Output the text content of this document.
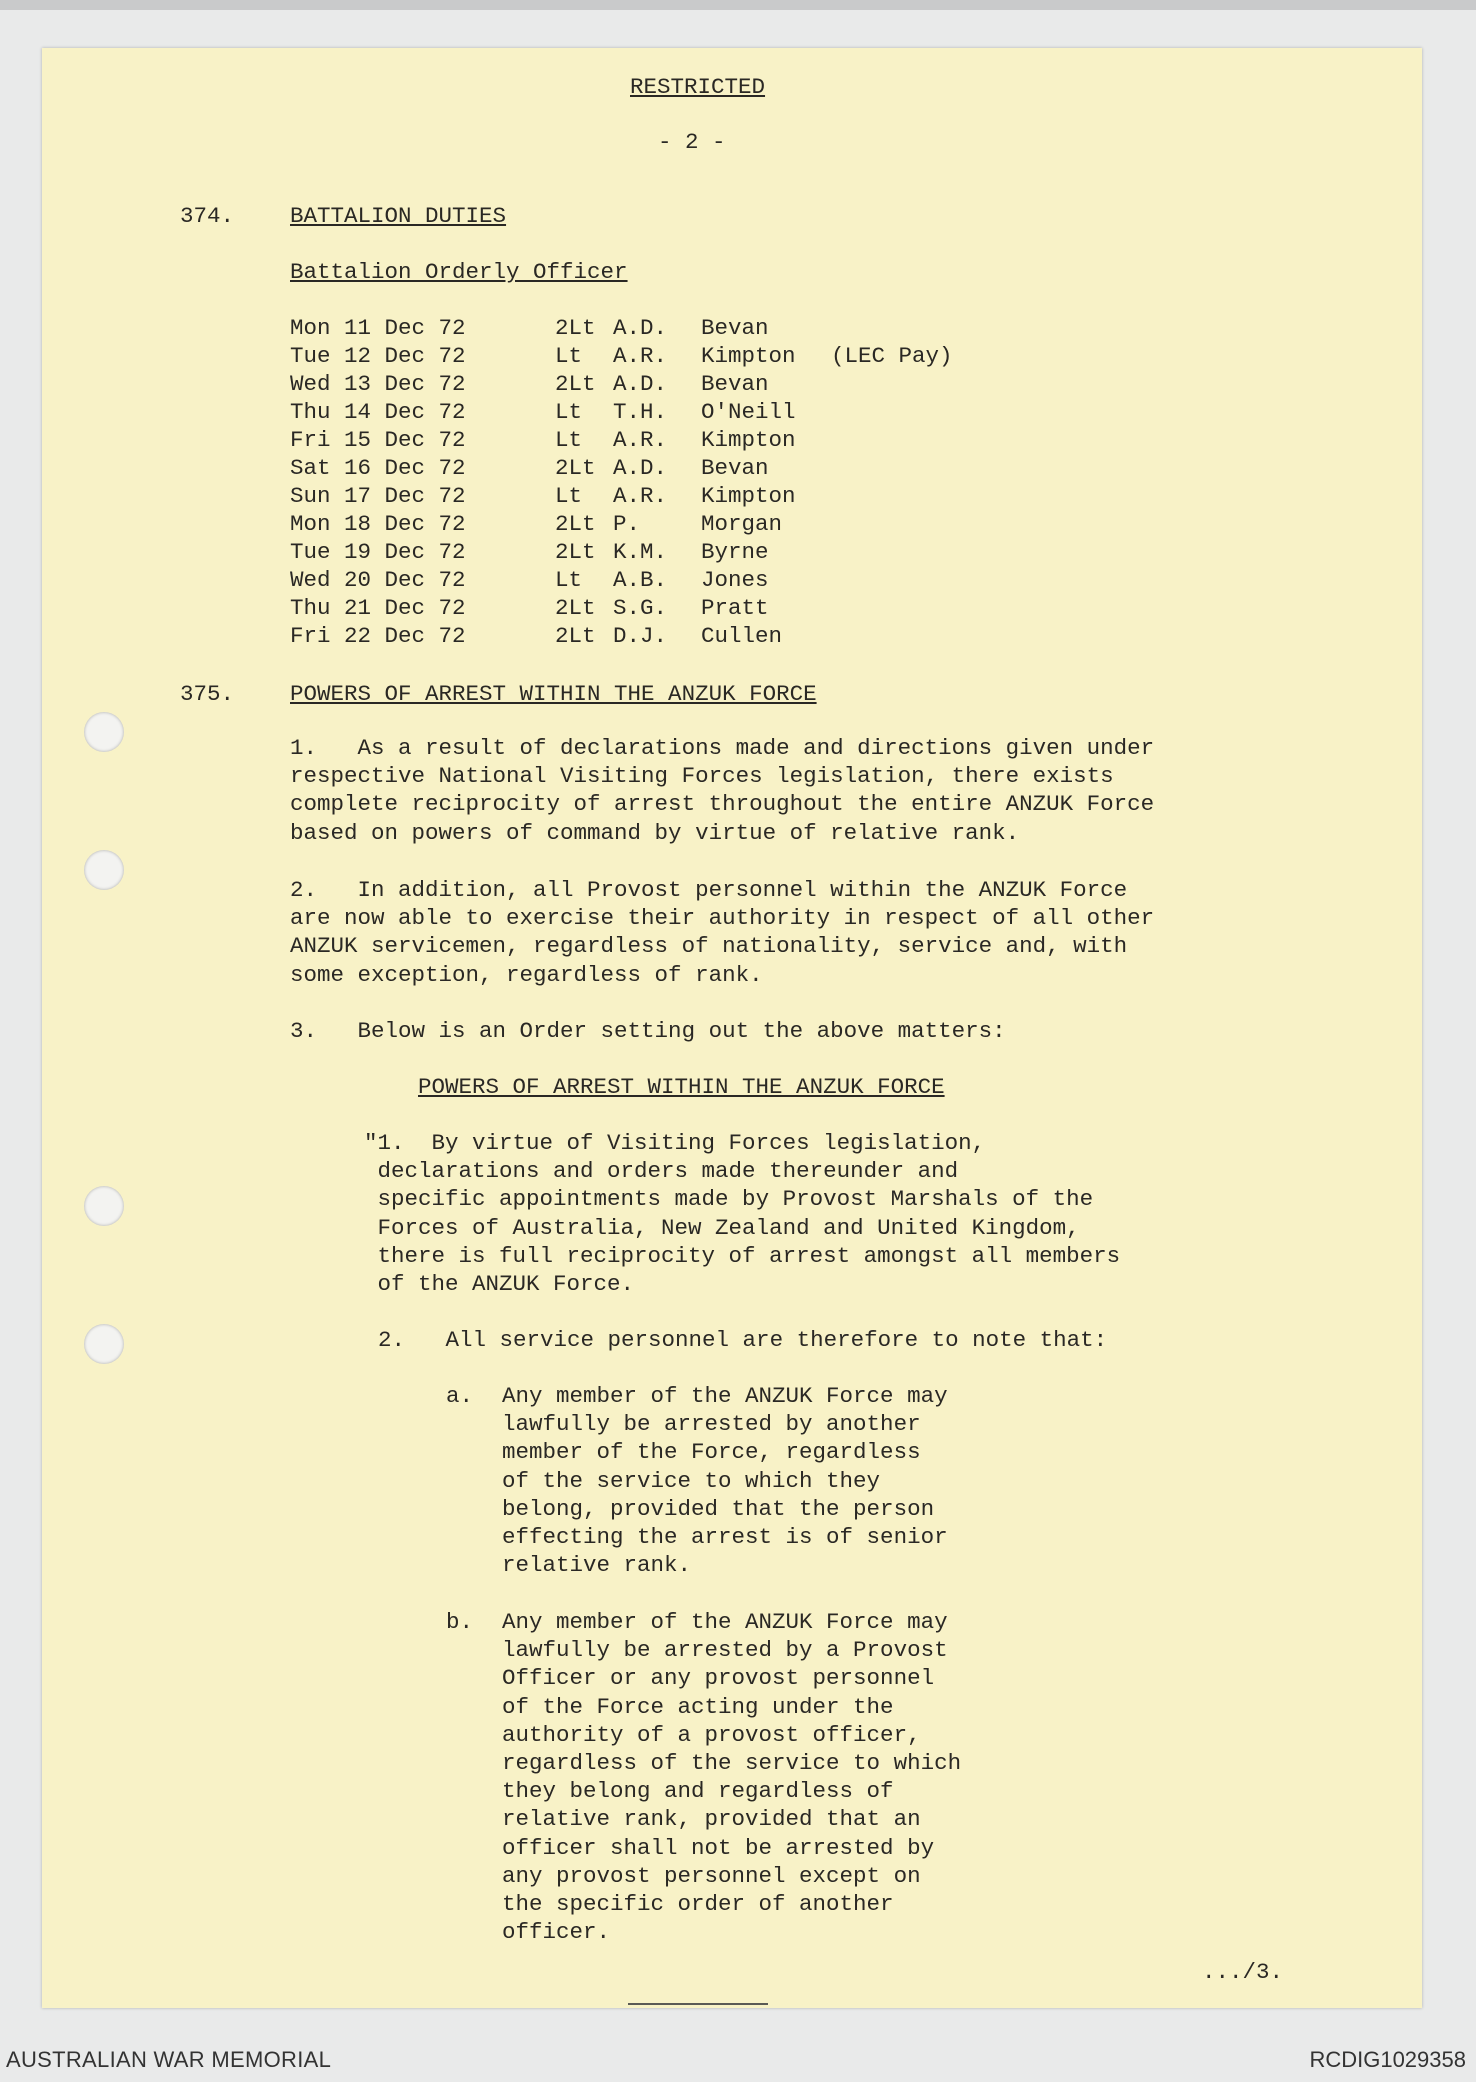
RESTRICTED
- 2 -
374. BATTALION DUTIES
Battalion Orderly Officer
Mon 11 Dec 72	2Lt A.D. Bevan
Tue 12 Dec 72	Lt A.R. Kimpton (LEC Pay)
Wed 13 Dec 72	2Lt A.D. Bevan
Thu 14 Dec 72	Lt T.H. O'Neill
Fri 15 Dec 72	Lt A.R. Kimpton
Sat 16 Dec 72	2Lt A.D. Bevan
Sun 17 Dec 72	Lt A.R. Kimpton
Mon 18 Dec 72	2Lt P.	Morgan
Tue 19 Dec 72	2Lt K.M. Byrne
Wed 20 Dec 72	Lt A.B. Jones
Thu 21 Dec 72	2Lt S.G. Pratt
Fri 22 Dec 72	2Lt D.J. Cullen
375. POWERS OF ARREST WITHIN THE ANZUK FORCE
1.   As a result of declarations made and directions given under
respective National Visiting Forces legislation, there exists
complete reciprocity of arrest throughout the entire ANZUK Force
based on powers of command by virtue of relative rank.
2.   In addition, all Provost personnel within the ANZUK Force
are now able to exercise their authority in respect of all other
ANZUK servicemen, regardless of nationality, service and, with
some exception, regardless of rank.
3.   Below is an Order setting out the above matters:
POWERS OF ARREST WITHIN THE ANZUK FORCE
"1.  By virtue of Visiting Forces legislation,
declarations and orders made thereunder and
specific appointments made by Provost Marshals of the
Forces of Australia, New Zealand and United Kingdom,
there is full reciprocity of arrest amongst all members
of the ANZUK Force.
2.   All service personnel are therefore to note that:
a. Any member of the ANZUK Force may
lawfully be arrested by another
member of the Force, regardless
of the service to which they
belong, provided that the person
effecting the arrest is of senior
relative rank.
b. Any member of the ANZUK Force may
lawfully be arrested by a Provost
Officer or any provost personnel
of the Force acting under the
authority of a provost officer,
regardless of the service to which
they belong and regardless of
relative rank, provided that an
officer shall not be arrested by
any provost personnel except on
the specific order of another
officer.
.../3.
AUSTRALIAN WAR MEMORIAL	RCDIG1029358
